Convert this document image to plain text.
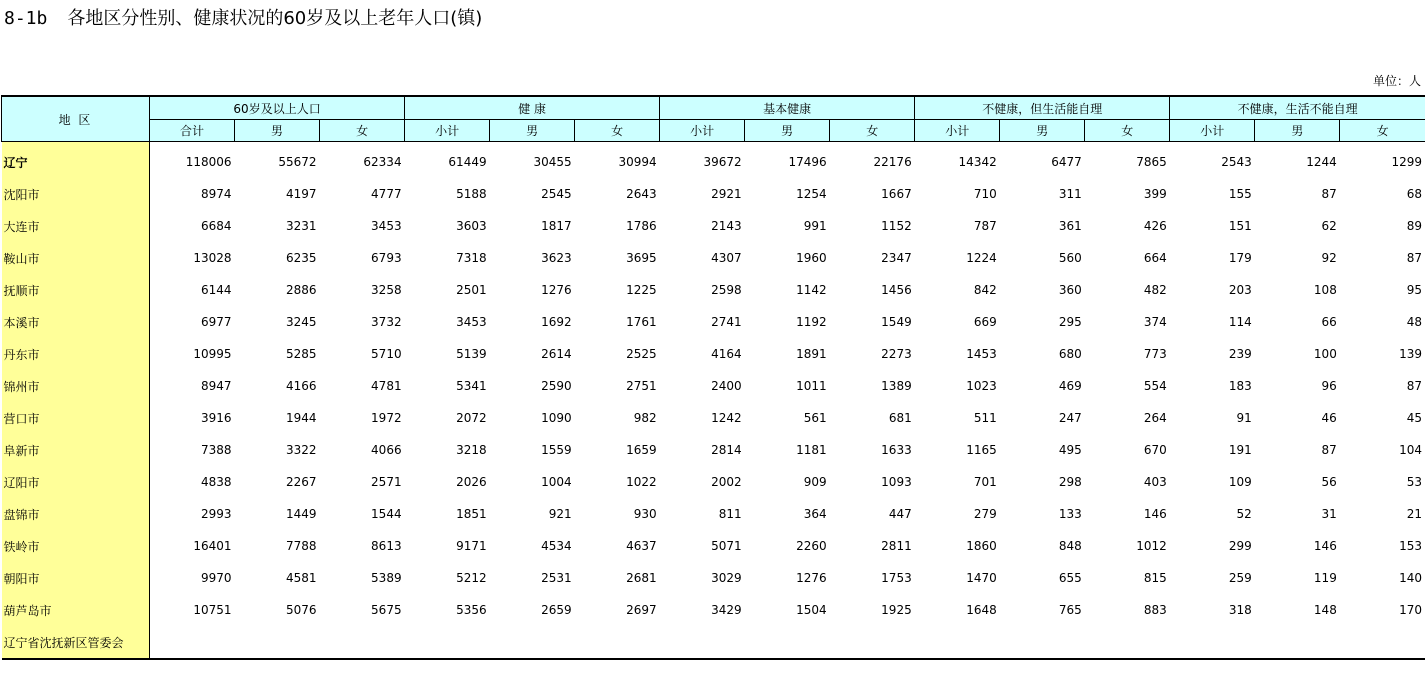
8-1b 各地区分性别、健康状况的60岁及以上老年人口(镇)
单位：人
地 区	60岁及以上人口			健 康			基本健康			不健康，但生活能自理			不健康，生活不能自理		
	合计	男	女	小计	男	女	小计	男	女	小计	男	女	小计	男	女
辽宁	118006	55672	62334	61449	30455	30994	39672	17496	22176	14342	6477	7865	2543	1244	1299
沈阳市	8974	4197	4777	5188	2545	2643	2921	1254	1667	710	311	399	155	87	68
大连市	6684	3231	3453	3603	1817	1786	2143	991	1152	787	361	426	151	62	89
鞍山市	13028	6235	6793	7318	3623	3695	4307	1960	2347	1224	560	664	179	92	87
抚顺市	6144	2886	3258	2501	1276	1225	2598	1142	1456	842	360	482	203	108	95
本溪市	6977	3245	3732	3453	1692	1761	2741	1192	1549	669	295	374	114	66	48
丹东市	10995	5285	5710	5139	2614	2525	4164	1891	2273	1453	680	773	239	100	139
锦州市	8947	4166	4781	5341	2590	2751	2400	1011	1389	1023	469	554	183	96	87
营口市	3916	1944	1972	2072	1090	982	1242	561	681	511	247	264	91	46	45
阜新市	7388	3322	4066	3218	1559	1659	2814	1181	1633	1165	495	670	191	87	104
辽阳市	4838	2267	2571	2026	1004	1022	2002	909	1093	701	298	403	109	56	53
盘锦市	2993	1449	1544	1851	921	930	811	364	447	279	133	146	52	31	21
铁岭市	16401	7788	8613	9171	4534	4637	5071	2260	2811	1860	848	1012	299	146	153
朝阳市	9970	4581	5389	5212	2531	2681	3029	1276	1753	1470	655	815	259	119	140
葫芦岛市	10751	5076	5675	5356	2659	2697	3429	1504	1925	1648	765	883	318	148	170
辽宁省沈抚新区管委会															
